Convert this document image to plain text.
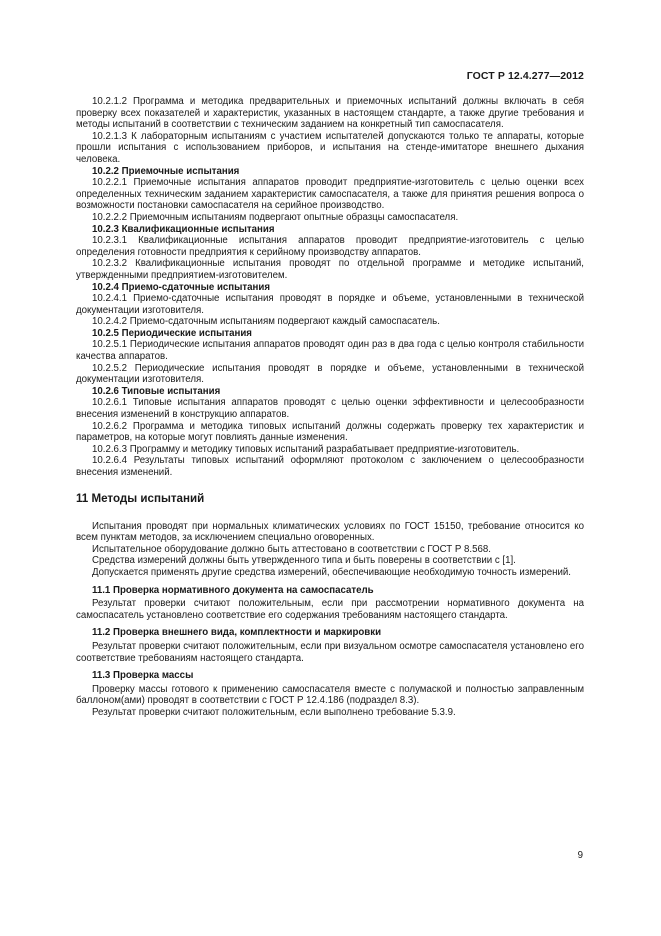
ГОСТ Р 12.4.277—2012

10.2.1.2 Программа и методика предварительных и приемочных испытаний должны включать в себя проверку всех показателей и характеристик, указанных в настоящем стандарте, а также другие требования и методы испытаний в соответствии с техническим заданием на конкретный тип самоспасателя.

10.2.1.3 К лабораторным испытаниям с участием испытателей допускаются только те аппараты, которые прошли испытания с использованием приборов, и испытания на стенде-имитаторе внешнего дыхания человека.

10.2.2 Приемочные испытания

10.2.2.1 Приемочные испытания аппаратов проводит предприятие-изготовитель с целью оценки всех определенных техническим заданием характеристик самоспасателя, а также для принятия решения вопроса о возможности постановки самоспасателя на серийное производство.

10.2.2.2 Приемочным испытаниям подвергают опытные образцы самоспасателя.

10.2.3 Квалификационные испытания

10.2.3.1 Квалификационные испытания аппаратов проводит предприятие-изготовитель с целью определения готовности предприятия к серийному производству аппаратов.

10.2.3.2 Квалификационные испытания проводят по отдельной программе и методике испытаний, утвержденными предприятием-изготовителем.

10.2.4 Приемо-сдаточные испытания

10.2.4.1 Приемо-сдаточные испытания проводят в порядке и объеме, установленными в технической документации изготовителя.

10.2.4.2 Приемо-сдаточным испытаниям подвергают каждый самоспасатель.

10.2.5 Периодические испытания

10.2.5.1 Периодические испытания аппаратов проводят один раз в два года с целью контроля стабильности качества аппаратов.

10.2.5.2 Периодические испытания проводят в порядке и объеме, установленными в технической документации изготовителя.

10.2.6 Типовые испытания

10.2.6.1 Типовые испытания аппаратов проводят с целью оценки эффективности и целесообразности внесения изменений в конструкцию аппаратов.

10.2.6.2 Программа и методика типовых испытаний должны содержать проверку тех характеристик и параметров, на которые могут повлиять данные изменения.

10.2.6.3 Программу и методику типовых испытаний разрабатывает предприятие-изготовитель.

10.2.6.4 Результаты типовых испытаний оформляют протоколом с заключением о целесообразности внесения изменений.

11 Методы испытаний

Испытания проводят при нормальных климатических условиях по ГОСТ 15150, требование относится ко всем пунктам методов, за исключением специально оговоренных.

Испытательное оборудование должно быть аттестовано в соответствии с ГОСТ Р 8.568.

Средства измерений должны быть утвержденного типа и быть поверены в соответствии с [1].

Допускается применять другие средства измерений, обеспечивающие необходимую точность измерений.

11.1 Проверка нормативного документа на самоспасатель

Результат проверки считают положительным, если при рассмотрении нормативного документа на самоспасатель установлено соответствие его содержания требованиям настоящего стандарта.

11.2 Проверка внешнего вида, комплектности и маркировки

Результат проверки считают положительным, если при визуальном осмотре самоспасателя установлено его соответствие требованиям настоящего стандарта.

11.3 Проверка массы

Проверку массы готового к применению самоспасателя вместе с полумаской и полностью заправленным баллоном(ами) проводят в соответствии с ГОСТ Р 12.4.186 (подраздел 8.3).

Результат проверки считают положительным, если выполнено требование 5.3.9.

9
